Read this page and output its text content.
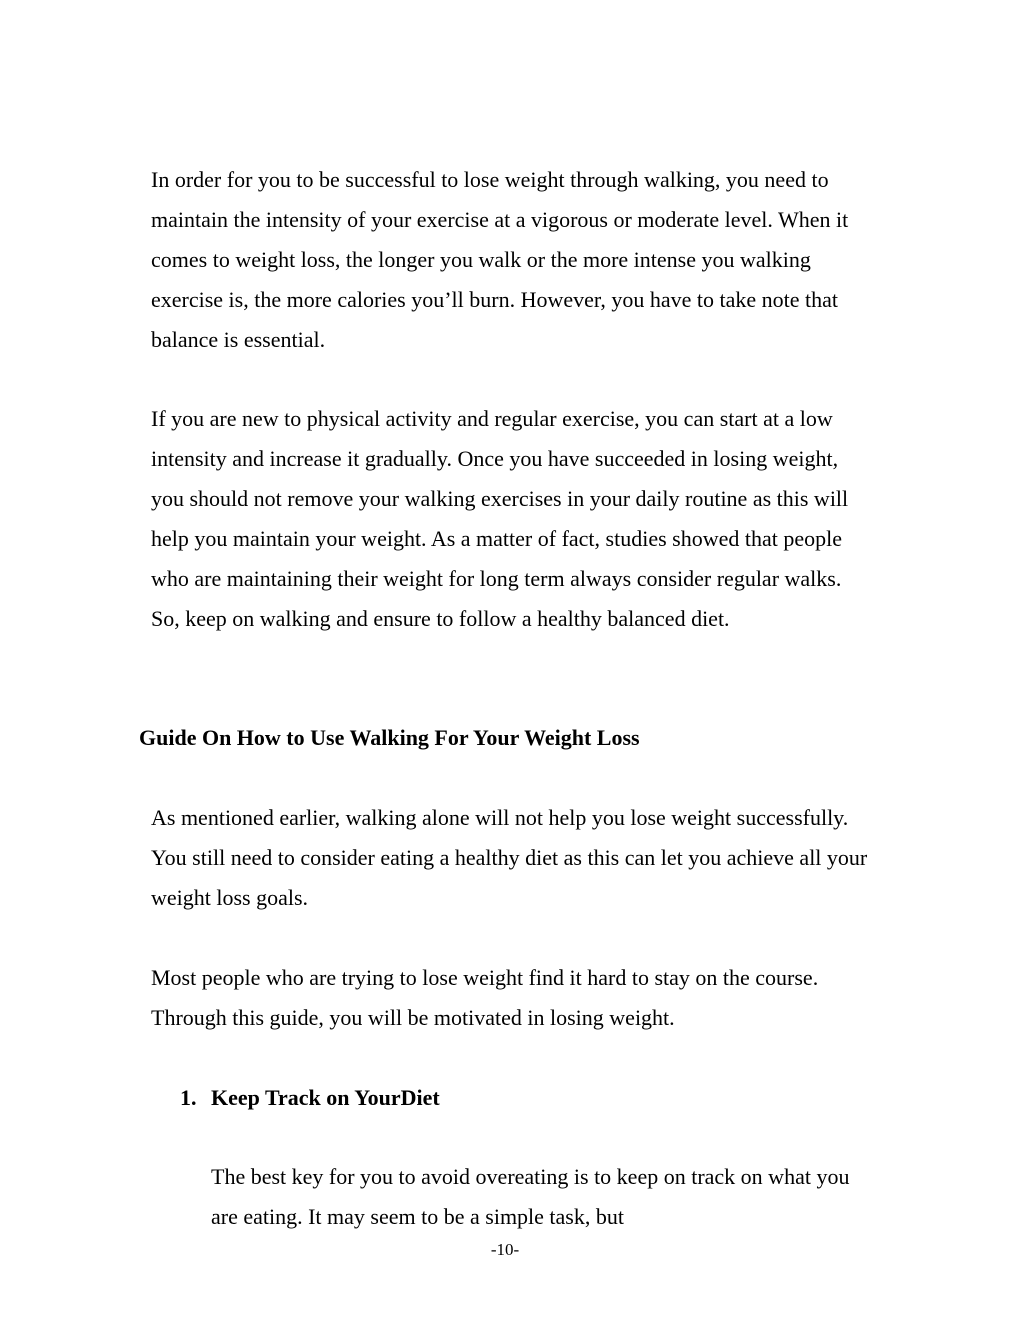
In order for you to be successful to lose weight through walking, you need to maintain the intensity of your exercise at a vigorous or moderate level. When it comes to weight loss, the longer you walk or the more intense you walking exercise is, the more calories you’ll burn. However, you have to take note that balance is essential.

If you are new to physical activity and regular exercise, you can start at a low intensity and increase it gradually. Once you have succeeded in losing weight, you should not remove your walking exercises in your daily routine as this will help you maintain your weight. As a matter of fact, studies showed that people who are maintaining their weight for long term always consider regular walks. So, keep on walking and ensure to follow a healthy balanced diet.

Guide On How to Use Walking For Your Weight Loss

As mentioned earlier, walking alone will not help you lose weight successfully. You still need to consider eating a healthy diet as this can let you achieve all your weight loss goals.

Most people who are trying to lose weight find it hard to stay on the course. Through this guide, you will be motivated in losing weight.

1. Keep Track on YourDiet

The best key for you to avoid overeating is to keep on track on what you are eating. It may seem to be a simple task, but

-10-
